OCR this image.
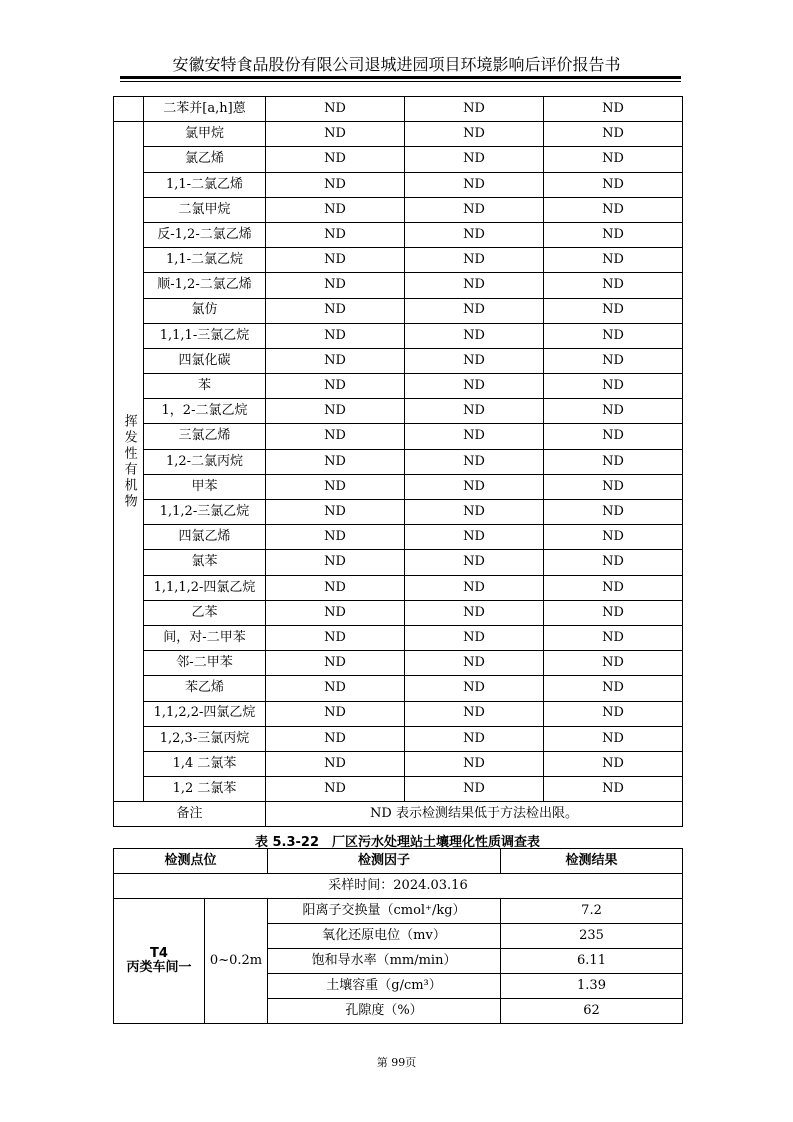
安徽安特食品股份有限公司退城进园项目环境影响后评价报告书
	二苯并[a,h]蒽	ND	ND	ND

挥发性有机物	氯甲烷	ND	ND	ND
	氯乙烯	ND	ND	ND
	1,1-二氯乙烯	ND	ND	ND
	二氯甲烷	ND	ND	ND
	反-1,2-二氯乙烯	ND	ND	ND
	1,1-二氯乙烷	ND	ND	ND
	顺-1,2-二氯乙烯	ND	ND	ND
	氯仿	ND	ND	ND
	1,1,1-三氯乙烷	ND	ND	ND
	四氯化碳	ND	ND	ND
	苯	ND	ND	ND
	1，2-二氯乙烷	ND	ND	ND
	三氯乙烯	ND	ND	ND
	1,2-二氯丙烷	ND	ND	ND
	甲苯	ND	ND	ND
	1,1,2-三氯乙烷	ND	ND	ND
	四氯乙烯	ND	ND	ND
	氯苯	ND	ND	ND
	1,1,1,2-四氯乙烷	ND	ND	ND
	乙苯	ND	ND	ND
	间，对-二甲苯	ND	ND	ND
	邻-二甲苯	ND	ND	ND
	苯乙烯	ND	ND	ND
	1,1,2,2-四氯乙烷	ND	ND	ND
	1,2,3-三氯丙烷	ND	ND	ND
	1,4 二氯苯	ND	ND	ND
	1,2 二氯苯	ND	ND	ND
备注		ND 表示检测结果低于方法检出限。		
表 5.3-22　厂区污水处理站土壤理化性质调查表
检测点位		检测因子	检测结果
采样时间：2024.03.16			

T4
丙类车间一	0~0.2m	阳离子交换量（cmol⁺/kg）	7.2
		氧化还原电位（mv）	235
		饱和导水率（mm/min）	6.11
		土壤容重（g/cm³）	1.39
		孔隙度（%）	62
第 99页
